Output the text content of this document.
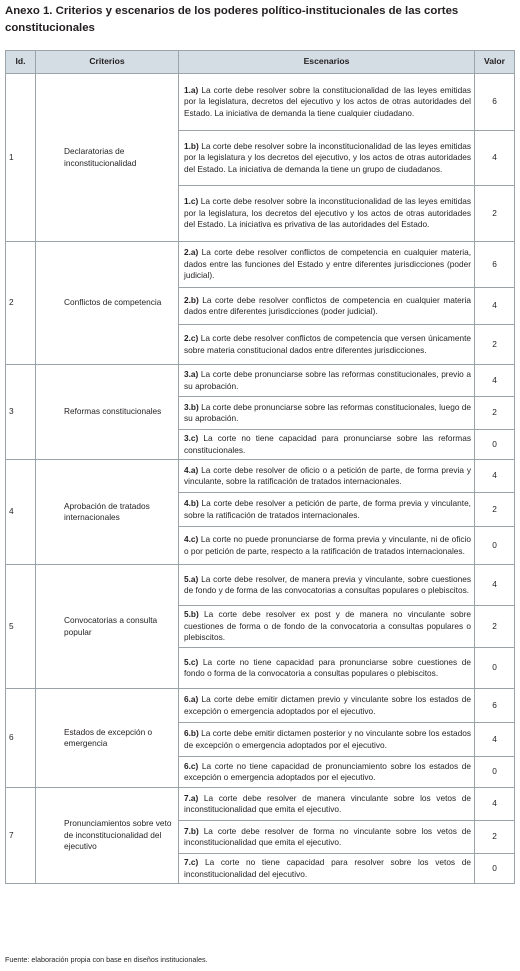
Anexo 1. Criterios y escenarios de los poderes político-institucionales de las cortes constitucionales
Id.	Criterios	Escenarios	Valor
1	Declaratorias de inconstitucionalidad	1.a) La corte debe resolver sobre la constitucionalidad de las leyes emitidas por la legislatura, decretos del ejecutivo y los actos de otras autoridades del Estado. La iniciativa de demanda la tiene cualquier ciudadano.	6
		1.b) La corte debe resolver sobre la inconstitucionalidad de las leyes emitidas por la legislatura y los decretos del ejecutivo, y los actos de otras autoridades del Estado. La iniciativa de demanda la tiene un grupo de ciudadanos.	4
		1.c) La corte debe resolver sobre la inconstitucionalidad de las leyes emitidas por la legislatura, los decretos del ejecutivo y los actos de otras autoridades del Estado. La iniciativa es privativa de las autoridades del Estado.	2
2	Conflictos de competencia	2.a) La corte debe resolver conflictos de competencia en cualquier materia, dados entre las funciones del Estado y entre diferentes jurisdicciones (poder judicial).	6
		2.b) La corte debe resolver conflictos de competencia en cualquier materia dados entre diferentes jurisdicciones (poder judicial).	4
		2.c) La corte debe resolver conflictos de competencia que versen únicamente sobre materia constitucional dados entre diferentes jurisdicciones.	2
3	Reformas constitucionales	3.a) La corte debe pronunciarse sobre las reformas constitucionales, previo a su aprobación.	4
		3.b) La corte debe pronunciarse sobre las reformas constitucionales, luego de su aprobación.	2
		3.c) La corte no tiene capacidad para pronunciarse sobre las reformas constitucionales.	0
4	Aprobación de tratados internacionales	4.a) La corte debe resolver de oficio o a petición de parte, de forma previa y vinculante, sobre la ratificación de tratados internacionales.	4
		4.b) La corte debe resolver a petición de parte, de forma previa y vinculante, sobre la ratificación de tratados internacionales.	2
		4.c) La corte no puede pronunciarse de forma previa y vinculante, ni de oficio o por petición de parte, respecto a la ratificación de tratados internacionales.	0
5	Convocatorias a consulta popular	5.a) La corte debe resolver, de manera previa y vinculante, sobre cuestiones de fondo y de forma de las convocatorias a consultas populares o plebiscitos.	4
		5.b) La corte debe resolver ex post y de manera no vinculante sobre cuestiones de forma o de fondo de la convocatoria a consultas populares o plebiscitos.	2
		5.c) La corte no tiene capacidad para pronunciarse sobre cuestiones de fondo o forma de la convocatoria a consultas populares o plebiscitos.	0
6	Estados de excepción o emergencia	6.a) La corte debe emitir dictamen previo y vinculante sobre los estados de excepción o emergencia adoptados por el ejecutivo.	6
		6.b) La corte debe emitir dictamen posterior y no vinculante sobre los estados de excepción o emergencia adoptados por el ejecutivo.	4
		6.c) La corte no tiene capacidad de pronunciamiento sobre los estados de excepción o emergencia adoptados por el ejecutivo.	0
7	Pronunciamientos sobre veto de inconstitucionalidad del ejecutivo	7.a) La corte debe resolver de manera vinculante sobre los vetos de inconstitucionalidad que emita el ejecutivo.	4
		7.b) La corte debe resolver de forma no vinculante sobre los vetos de inconstitucionalidad que emita el ejecutivo.	2
		7.c) La corte no tiene capacidad para resolver sobre los vetos de inconstitucionalidad del ejecutivo.	0
Fuente: elaboración propia con base en diseños institucionales.
